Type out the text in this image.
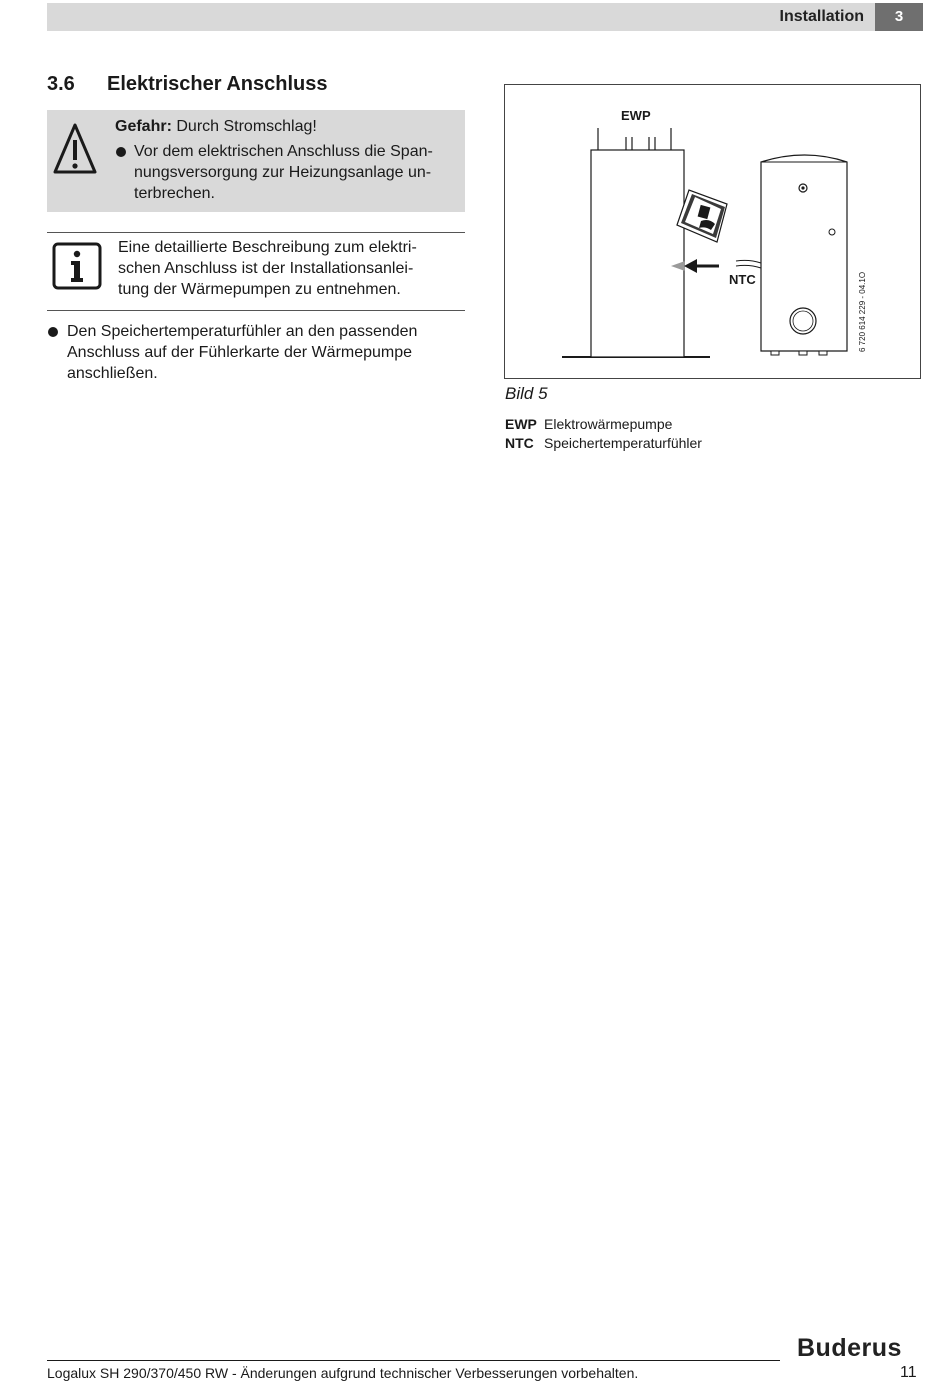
Installation	3
3.6 Elektrischer Anschluss
Gefahr: Durch Stromschlag!
Vor dem elektrischen Anschluss die Span-
nungsversorgung zur Heizungsanlage un-
terbrechen.
Eine detaillierte Beschreibung zum elektri-
schen Anschluss ist der Installationsanlei-
tung der Wärmepumpen zu entnehmen.
Den Speichertemperaturfühler an den passenden
Anschluss auf der Fühlerkarte der Wärmepumpe
anschließen.
EWP
NTC	6 720 614 229 - 04.1O
Bild 5
EWP Elektrowärmepumpe
NTC Speichertemperaturfühler
Buderus
Logalux SH 290/370/450 RW - Änderungen aufgrund technischer Verbesserungen vorbehalten.	11
